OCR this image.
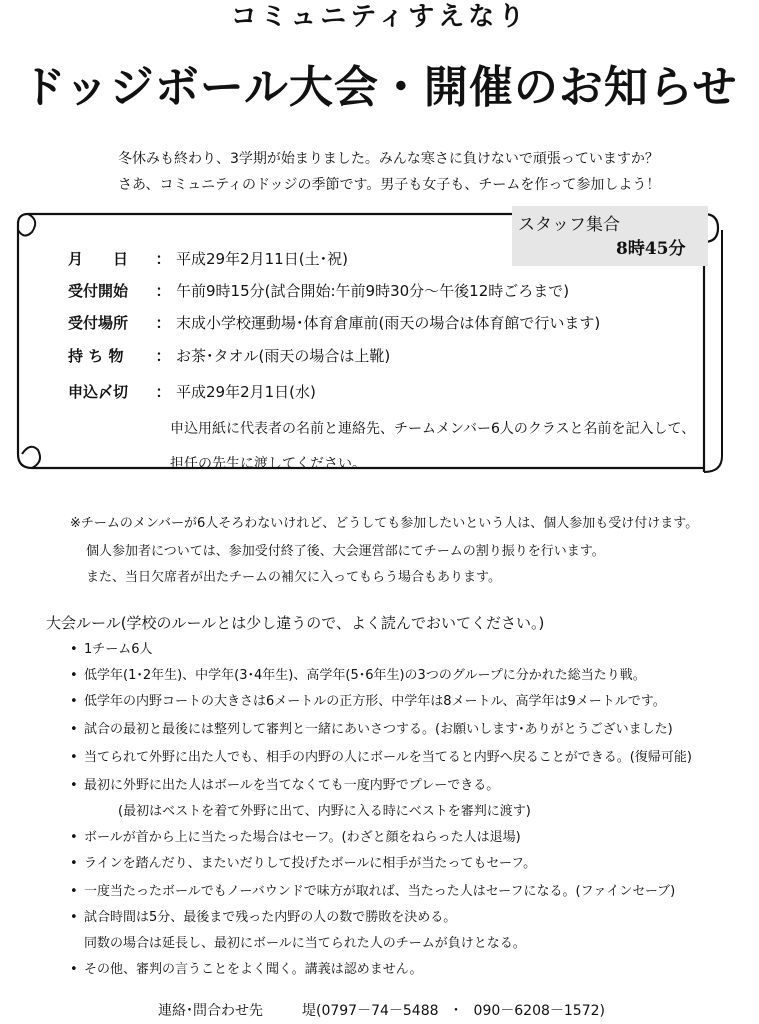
コミュニティすえなり
ドッジボール大会・開催のお知らせ
冬休みも終わり、3学期が始まりました。みんな寒さに負けないで頑張っていますか？
さあ、コミュニティのドッジの季節です。男子も女子も、チームを作って参加しよう！
スタッフ集合
8時45分
月　　日 ： 平成29年2月11日(土･祝)
受付開始 ： 午前9時15分(試合開始:午前9時30分～午後12時ごろまで)
受付場所 ： 末成小学校運動場･体育倉庫前(雨天の場合は体育館で行います)
持 ち 物 ： お茶･タオル(雨天の場合は上靴)
申込〆切 ： 平成29年2月1日(水)
申込用紙に代表者の名前と連絡先、チームメンバー6人のクラスと名前を記入して、
担任の先生に渡してください。
※チームのメンバーが6人そろわないけれど、どうしても参加したいという人は、個人参加も受け付けます。
個人参加者については、参加受付終了後、大会運営部にてチームの割り振りを行います。
また、当日欠席者が出たチームの補欠に入ってもらう場合もあります。
大会ルール(学校のルールとは少し違うので、よく読んでおいてください。)
• 1チーム6人
• 低学年(1･2年生)、中学年(3･4年生)、高学年(5･6年生)の3つのグループに分かれた総当たり戦。
• 低学年の内野コートの大きさは6メートルの正方形、中学年は8メートル、高学年は9メートルです。
• 試合の最初と最後には整列して審判と一緒にあいさつする。(お願いします･ありがとうございました)
• 当てられて外野に出た人でも、相手の内野の人にボールを当てると内野へ戻ることができる。(復帰可能)
• 最初に外野に出た人はボールを当てなくても一度内野でプレーできる。
(最初はベストを着て外野に出て、内野に入る時にベストを審判に渡す)
• ボールが首から上に当たった場合はセーフ。(わざと顔をねらった人は退場)
• ラインを踏んだり、またいだりして投げたボールに相手が当たってもセーフ。
• 一度当たったボールでもノーバウンドで味方が取れば、当たった人はセーフになる。(ファインセーブ)
• 試合時間は5分、最後まで残った内野の人の数で勝敗を決める。
同数の場合は延長し、最初にボールに当てられた人のチームが負けとなる。
• その他、審判の言うことをよく聞く。講義は認めません。
連絡･問合わせ先	堤(0797－74－5488　･　090－6208－1572)
